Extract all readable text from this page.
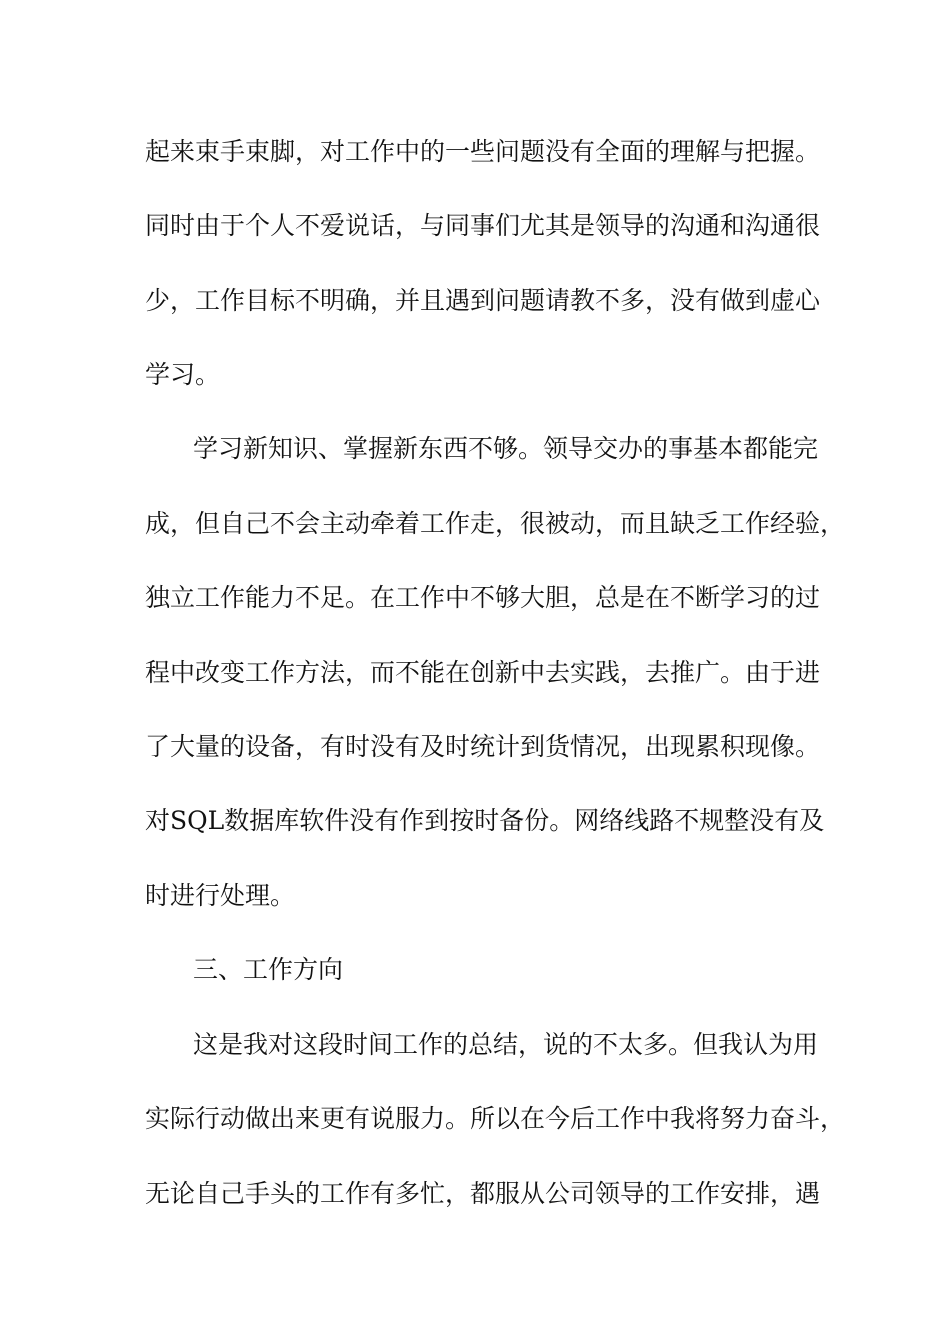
起来束手束脚，对工作中的一些问题没有全面的理解与把握。
同时由于个人不爱说话，与同事们尤其是领导的沟通和沟通很
少，工作目标不明确，并且遇到问题请教不多，没有做到虚心
学习。
学习新知识、掌握新东西不够。领导交办的事基本都能完
成，但自己不会主动牵着工作走，很被动，而且缺乏工作经验，
独立工作能力不足。在工作中不够大胆，总是在不断学习的过
程中改变工作方法，而不能在创新中去实践，去推广。由于进
了大量的设备，有时没有及时统计到货情况，出现累积现像。
对SQL数据库软件没有作到按时备份。网络线路不规整没有及
时进行处理。
三、工作方向
这是我对这段时间工作的总结，说的不太多。但我认为用
实际行动做出来更有说服力。所以在今后工作中我将努力奋斗，
无论自己手头的工作有多忙，都服从公司领导的工作安排，遇
